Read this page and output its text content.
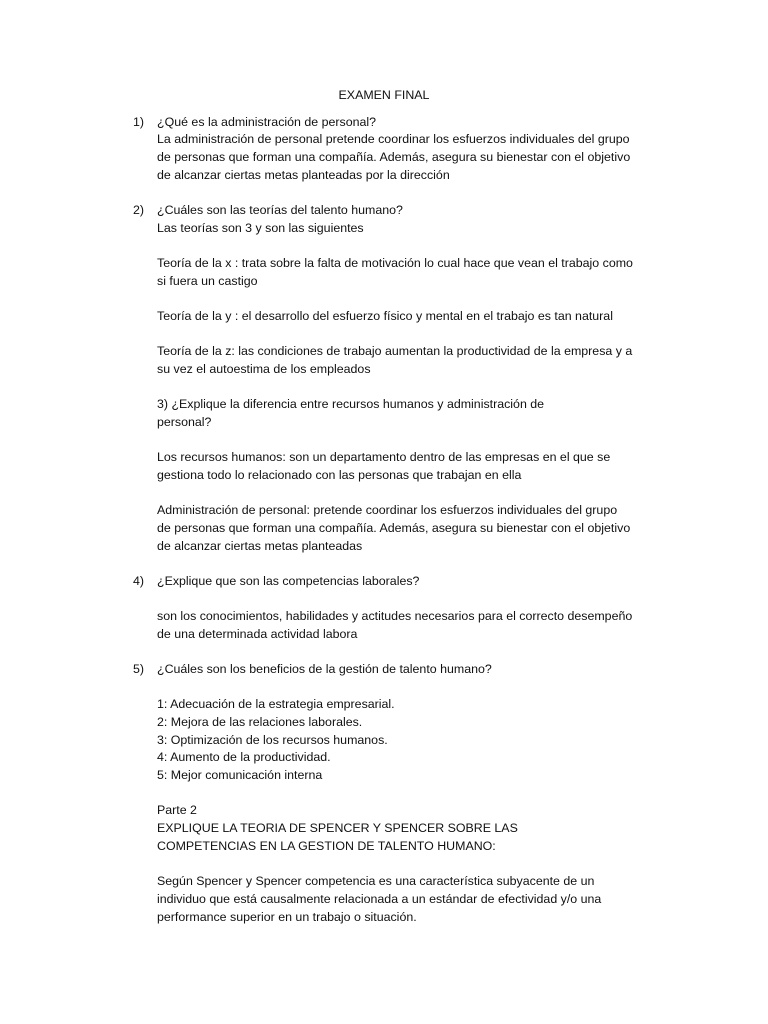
EXAMEN FINAL
1) ¿Qué es la administración de personal?
La administración de personal pretende coordinar los esfuerzos individuales del grupo
de personas que forman una compañía. Además, asegura su bienestar con el objetivo
de alcanzar ciertas metas planteadas por la dirección
2) ¿Cuáles son las teorías del talento humano?
Las teorías son 3 y son las siguientes
Teoría de la x : trata sobre la falta de motivación lo cual hace que vean el trabajo como
si fuera un castigo
Teoría de la y : el desarrollo del esfuerzo físico y mental en el trabajo es tan natural
Teoría de la z: las condiciones de trabajo aumentan la productividad de la empresa y a
su vez el autoestima de los empleados
3) ¿Explique la diferencia entre recursos humanos y administración de
personal?
Los recursos humanos: son un departamento dentro de las empresas en el que se
gestiona todo lo relacionado con las personas que trabajan en ella
Administración de personal: pretende coordinar los esfuerzos individuales del grupo
de personas que forman una compañía. Además, asegura su bienestar con el objetivo
de alcanzar ciertas metas planteadas
4) ¿Explique que son las competencias laborales?
son los conocimientos, habilidades y actitudes necesarios para el correcto desempeño
de una determinada actividad labora
5) ¿Cuáles son los beneficios de la gestión de talento humano?
1: Adecuación de la estrategia empresarial.
2: Mejora de las relaciones laborales.
3: Optimización de los recursos humanos.
4: Aumento de la productividad.
5: Mejor comunicación interna
Parte 2
EXPLIQUE LA TEORIA DE SPENCER Y SPENCER SOBRE LAS
COMPETENCIAS EN LA GESTION DE TALENTO HUMANO:
Según Spencer y Spencer competencia es una característica subyacente de un
individuo que está causalmente relacionada a un estándar de efectividad y/o una
performance superior en un trabajo o situación.
